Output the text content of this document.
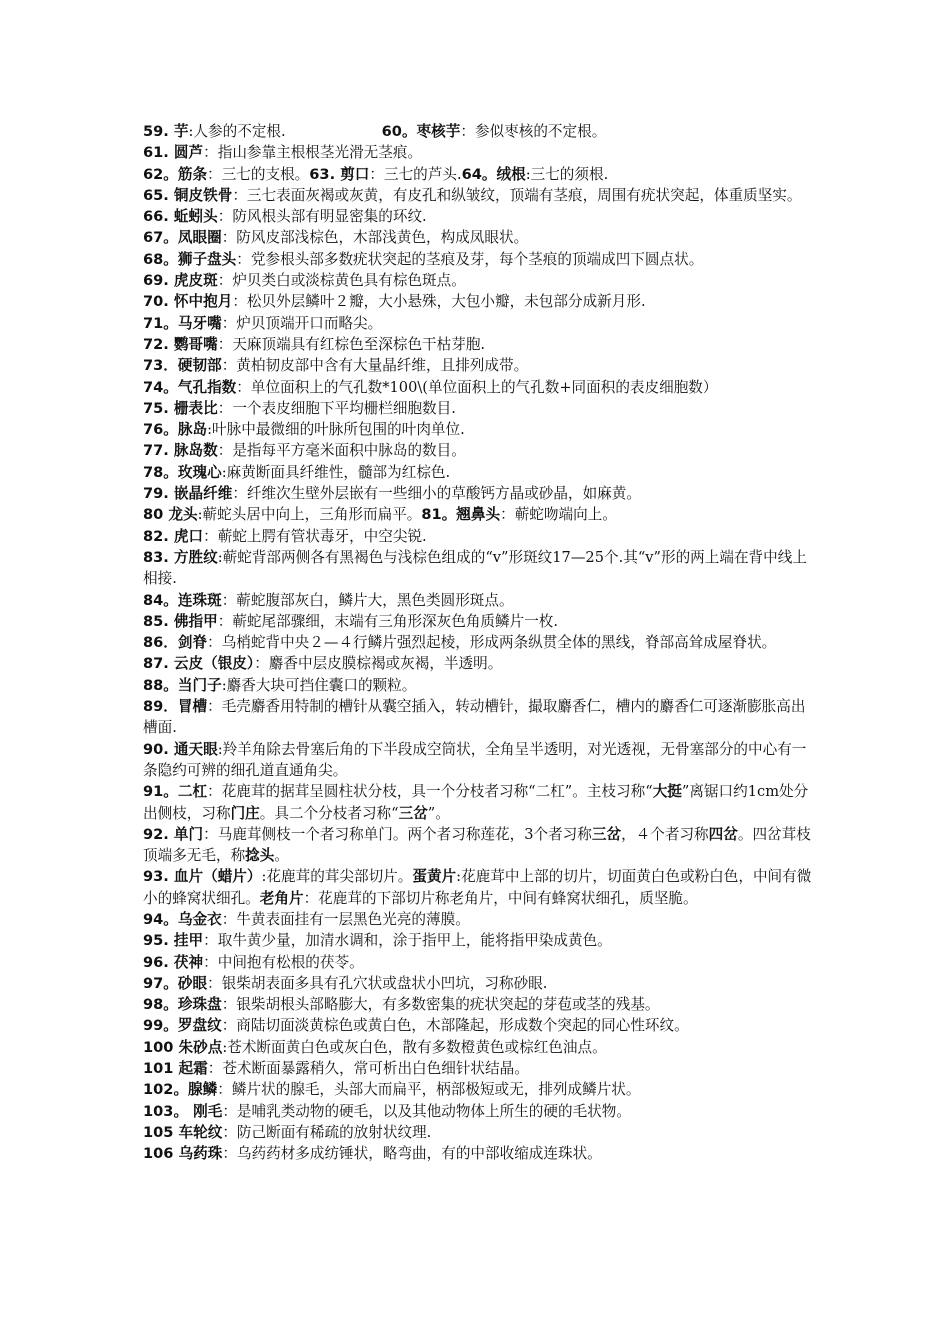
59. 芋:人参的不定根.	60。枣核芋：参似枣核的不定根。

61. 圆芦：指山参靠主根根茎光滑无茎痕。

62。筋条：三七的支根。63. 剪口：三七的芦头.64。绒根:三七的须根.

65. 铜皮铁骨：三七表面灰褐或灰黄，有皮孔和纵皱纹，顶端有茎痕，周围有疣状突起，体重质坚实。

66. 蚯蚓头：防风根头部有明显密集的环纹.

67。凤眼圈：防风皮部浅棕色，木部浅黄色，构成凤眼状。

68。狮子盘头：党参根头部多数疣状突起的茎痕及芽，每个茎痕的顶端成凹下圆点状。

69. 虎皮斑：炉贝类白或淡棕黄色具有棕色斑点。

70. 怀中抱月：松贝外层鳞叶２瓣，大小悬殊，大包小瓣，未包部分成新月形.

71。马牙嘴：炉贝顶端开口而略尖。

72. 鹦哥嘴：天麻顶端具有红棕色至深棕色干枯芽胞.

73．硬韧部：黄柏韧皮部中含有大量晶纤维，且排列成带。

74。气孔指数：单位面积上的气孔数*100\(单位面积上的气孔数+同面积的表皮细胞数）

75. 栅表比：一个表皮细胞下平均栅栏细胞数目.

76。脉岛:叶脉中最微细的叶脉所包围的叶肉单位.

77. 脉岛数：是指每平方毫米面积中脉岛的数目。

78。玫瑰心:麻黄断面具纤维性，髓部为红棕色.

79. 嵌晶纤维：纤维次生壁外层嵌有一些细小的草酸钙方晶或砂晶，如麻黄。

80 龙头:蕲蛇头居中向上，三角形而扁平。81。翘鼻头：蕲蛇吻端向上。

82. 虎口：蕲蛇上腭有管状毒牙，中空尖锐.

83. 方胜纹:蕲蛇背部两侧各有黑褐色与浅棕色组成的“v”形斑纹17—25个.其“v”形的两上端在背中线上相接.

84。连珠斑：蕲蛇腹部灰白，鳞片大，黑色类圆形斑点。

85. 佛指甲：蕲蛇尾部骤细，末端有三角形深灰色角质鳞片一枚.

86．剑脊：乌梢蛇背中央２—４行鳞片强烈起棱，形成两条纵贯全体的黑线，脊部高耸成屋脊状。

87. 云皮（银皮）：麝香中层皮膜棕褐或灰褐，半透明。

88。当门子:麝香大块可挡住囊口的颗粒。

89．冒槽：毛壳麝香用特制的槽针从囊空插入，转动槽针，撮取麝香仁，槽内的麝香仁可逐渐膨胀高出槽面.

90. 通天眼:羚羊角除去骨塞后角的下半段成空筒状，全角呈半透明，对光透视，无骨塞部分的中心有一条隐约可辨的细孔道直通角尖。

91。二杠：花鹿茸的据茸呈圆柱状分枝，具一个分枝者习称“二杠”。主枝习称“大挺”离锯口约1cm处分出侧枝，习称门庄。具二个分枝者习称“三岔”。

92. 单门：马鹿茸侧枝一个者习称单门。两个者习称莲花，3个者习称三岔，４个者习称四岔。四岔茸枝顶端多无毛，称捻头。

93. 血片（蜡片）:花鹿茸的茸尖部切片。蛋黄片:花鹿茸中上部的切片，切面黄白色或粉白色，中间有微小的蜂窝状细孔。老角片：花鹿茸的下部切片称老角片，中间有蜂窝状细孔，质坚脆。

94。乌金衣：牛黄表面挂有一层黑色光亮的薄膜。

95. 挂甲：取牛黄少量，加清水调和，涂于指甲上，能将指甲染成黄色。

96. 茯神：中间抱有松根的茯苓。

97。砂眼：银柴胡表面多具有孔穴状或盘状小凹坑，习称砂眼.

98。珍珠盘：银柴胡根头部略膨大，有多数密集的疣状突起的芽苞或茎的残基。

99。罗盘纹：商陆切面淡黄棕色或黄白色，木部隆起，形成数个突起的同心性环纹。

100 朱砂点:苍术断面黄白色或灰白色，散有多数橙黄色或棕红色油点。

101 起霜：苍术断面暴露稍久，常可析出白色细针状结晶。

102。腺鳞：鳞片状的腺毛，头部大而扁平，柄部极短或无，排列成鳞片状。

103。 刚毛：是哺乳类动物的硬毛，以及其他动物体上所生的硬的毛状物。

105 车轮纹：防己断面有稀疏的放射状纹理.

106 乌药珠：乌药药材多成纺锤状，略弯曲，有的中部收缩成连珠状。
